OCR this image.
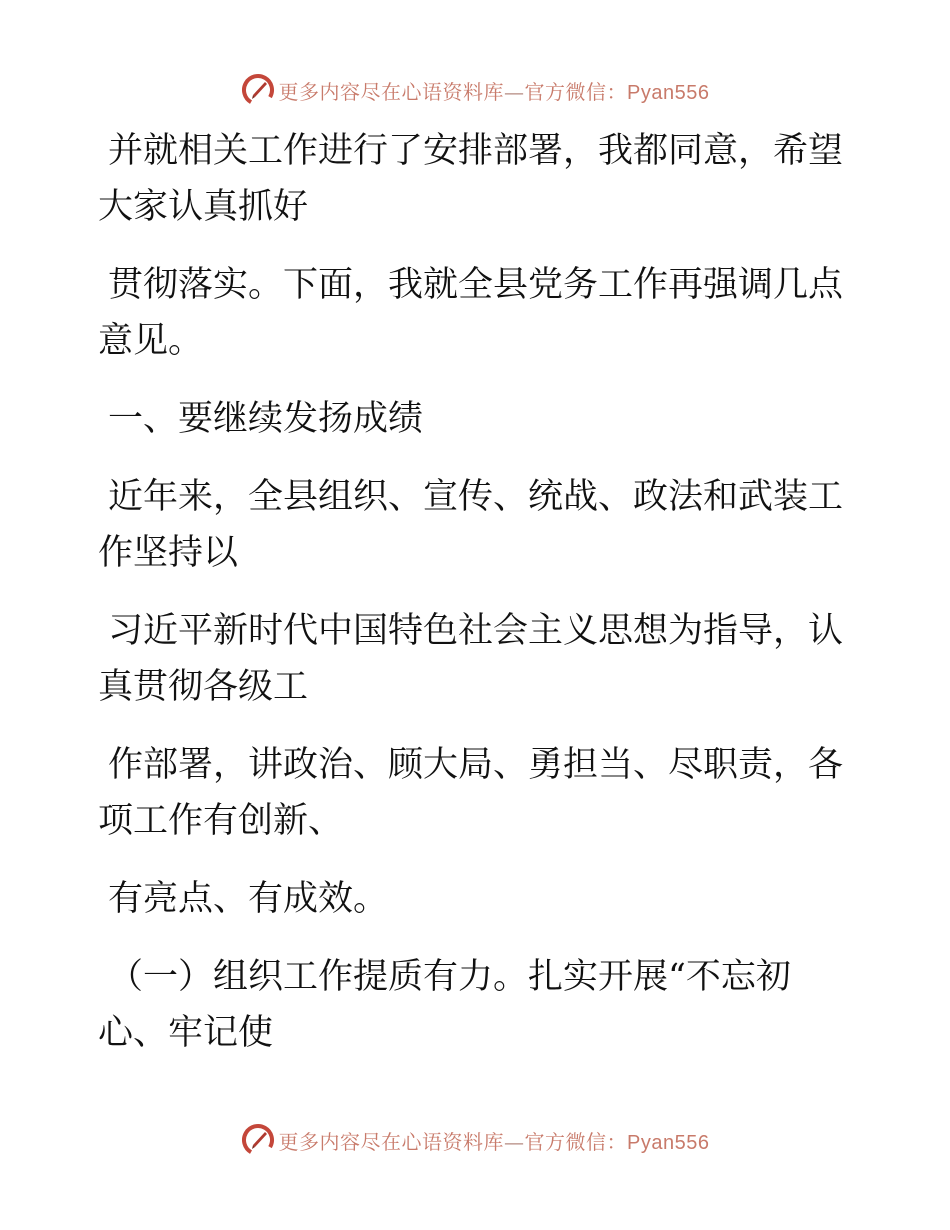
更多内容尽在心语资料库—官方微信：Pyan556

并就相关工作进行了安排部署，我都同意，希望
大家认真抓好

贯彻落实。下面，我就全县党务工作再强调几点
意见。

一、要继续发扬成绩

近年来，全县组织、宣传、统战、政法和武装工
作坚持以

习近平新时代中国特色社会主义思想为指导，认
真贯彻各级工

作部署，讲政治、顾大局、勇担当、尽职责，各
项工作有创新、

有亮点、有成效。

（一）组织工作提质有力。扎实开展“不忘初
心、牢记使

更多内容尽在心语资料库—官方微信：Pyan556
